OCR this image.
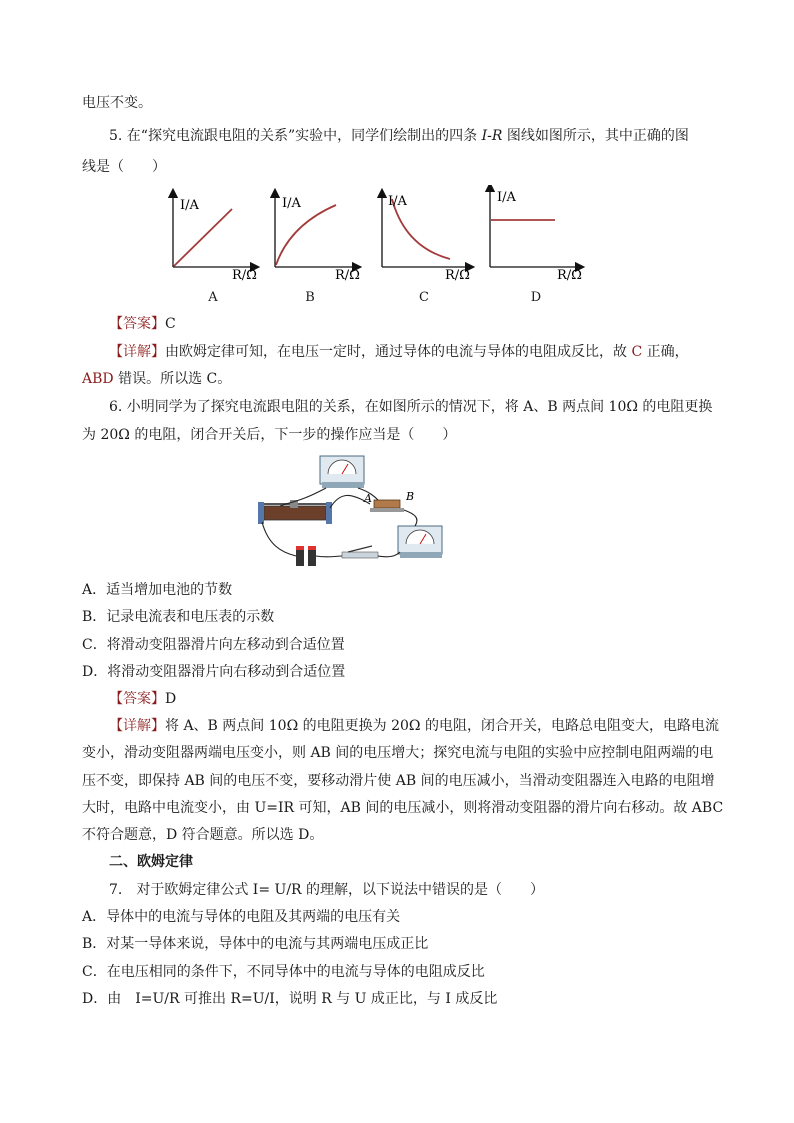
电压不变。
5. 在“探究电流跟电阻的关系”实验中，同学们绘制出的四条 I-R 图线如图所示，其中正确的图
线是（　　）
I/A
R/Ω
I/A
R/Ω
I/A
R/Ω
I/A
R/Ω
A	B	C	D
【答案】C
【详解】由欧姆定律可知，在电压一定时，通过导体的电流与导体的电阻成反比，故 C 正确，
ABD 错误。所以选 C。
6. 小明同学为了探究电流跟电阻的关系，在如图所示的情况下，将 A、B 两点间 10Ω 的电阻更换
为 20Ω 的电阻，闭合开关后，下一步的操作应当是（　　）
A	B
A．适当增加电池的节数
B．记录电流表和电压表的示数
C．将滑动变阻器滑片向左移动到合适位置
D．将滑动变阻器滑片向右移动到合适位置
【答案】D
【详解】将 A、B 两点间 10Ω 的电阻更换为 20Ω 的电阻，闭合开关，电路总电阻变大，电路电流
变小，滑动变阻器两端电压变小，则 AB 间的电压增大；探究电流与电阻的实验中应控制电阻两端的电
压不变，即保持 AB 间的电压不变，要移动滑片使 AB 间的电压减小，当滑动变阻器连入电路的电阻增
大时，电路中电流变小，由 U=IR 可知，AB 间的电压减小，则将滑动变阻器的滑片向右移动。故 ABC
不符合题意，D 符合题意。所以选 D。
二、欧姆定律
7.　对于欧姆定律公式 I= U/R 的理解，以下说法中错误的是（　　）
A．导体中的电流与导体的电阻及其两端的电压有关
B．对某一导体来说，导体中的电流与其两端电压成正比
C．在电压相同的条件下，不同导体中的电流与导体的电阻成反比
D．由　I=U/R 可推出 R=U/I，说明 R 与 U 成正比，与 I 成反比
